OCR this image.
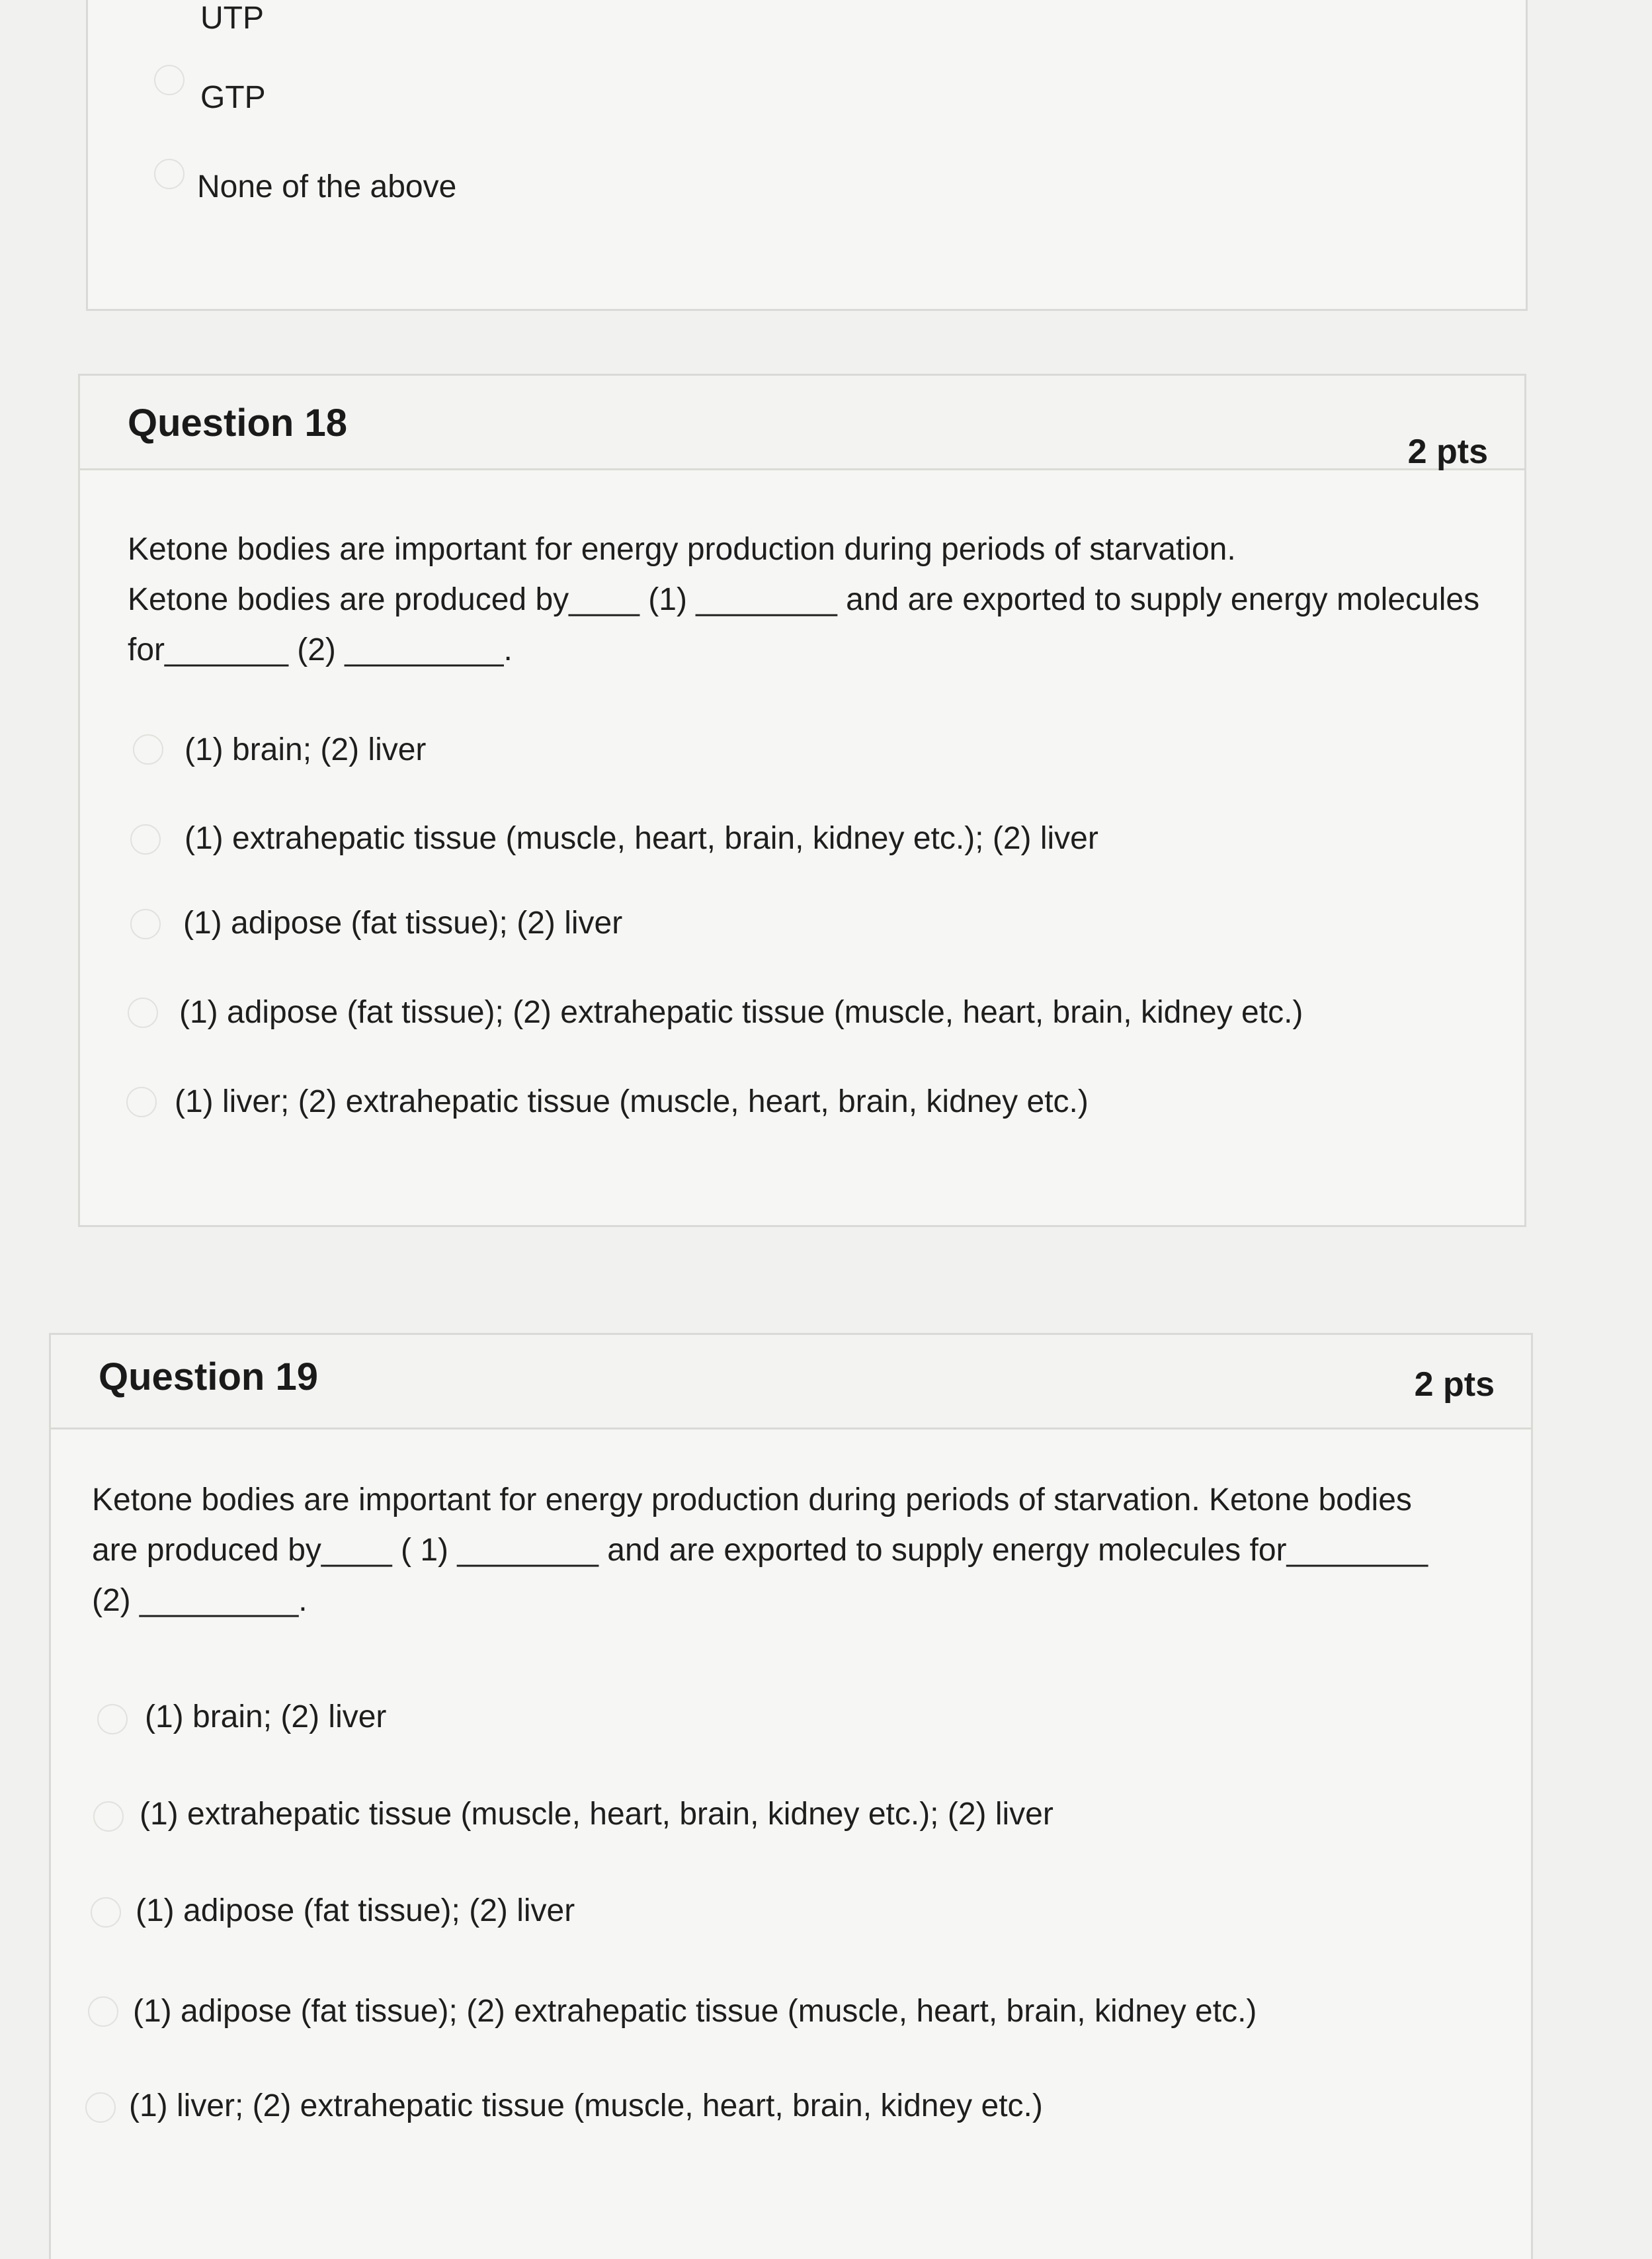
UTP
GTP
None of the above
Question 18
2 pts
Ketone bodies are important for energy production during periods of starvation.
Ketone bodies are produced by____ (1) ________ and are exported to supply energy molecules
for_______ (2) _________.
(1) brain; (2) liver
(1) extrahepatic tissue (muscle, heart, brain, kidney etc.); (2) liver
(1) adipose (fat tissue); (2) liver
(1) adipose (fat tissue); (2) extrahepatic tissue (muscle, heart, brain, kidney etc.)
(1) liver; (2) extrahepatic tissue (muscle, heart, brain, kidney etc.)
Question 19	2 pts
Ketone bodies are important for energy production during periods of starvation. Ketone bodies
are produced by____ ( 1) ________ and are exported to supply energy molecules for________
(2) _________.
(1) brain; (2) liver
(1) extrahepatic tissue (muscle, heart, brain, kidney etc.); (2) liver
(1) adipose (fat tissue); (2) liver
(1) adipose (fat tissue); (2) extrahepatic tissue (muscle, heart, brain, kidney etc.)
(1) liver; (2) extrahepatic tissue (muscle, heart, brain, kidney etc.)
